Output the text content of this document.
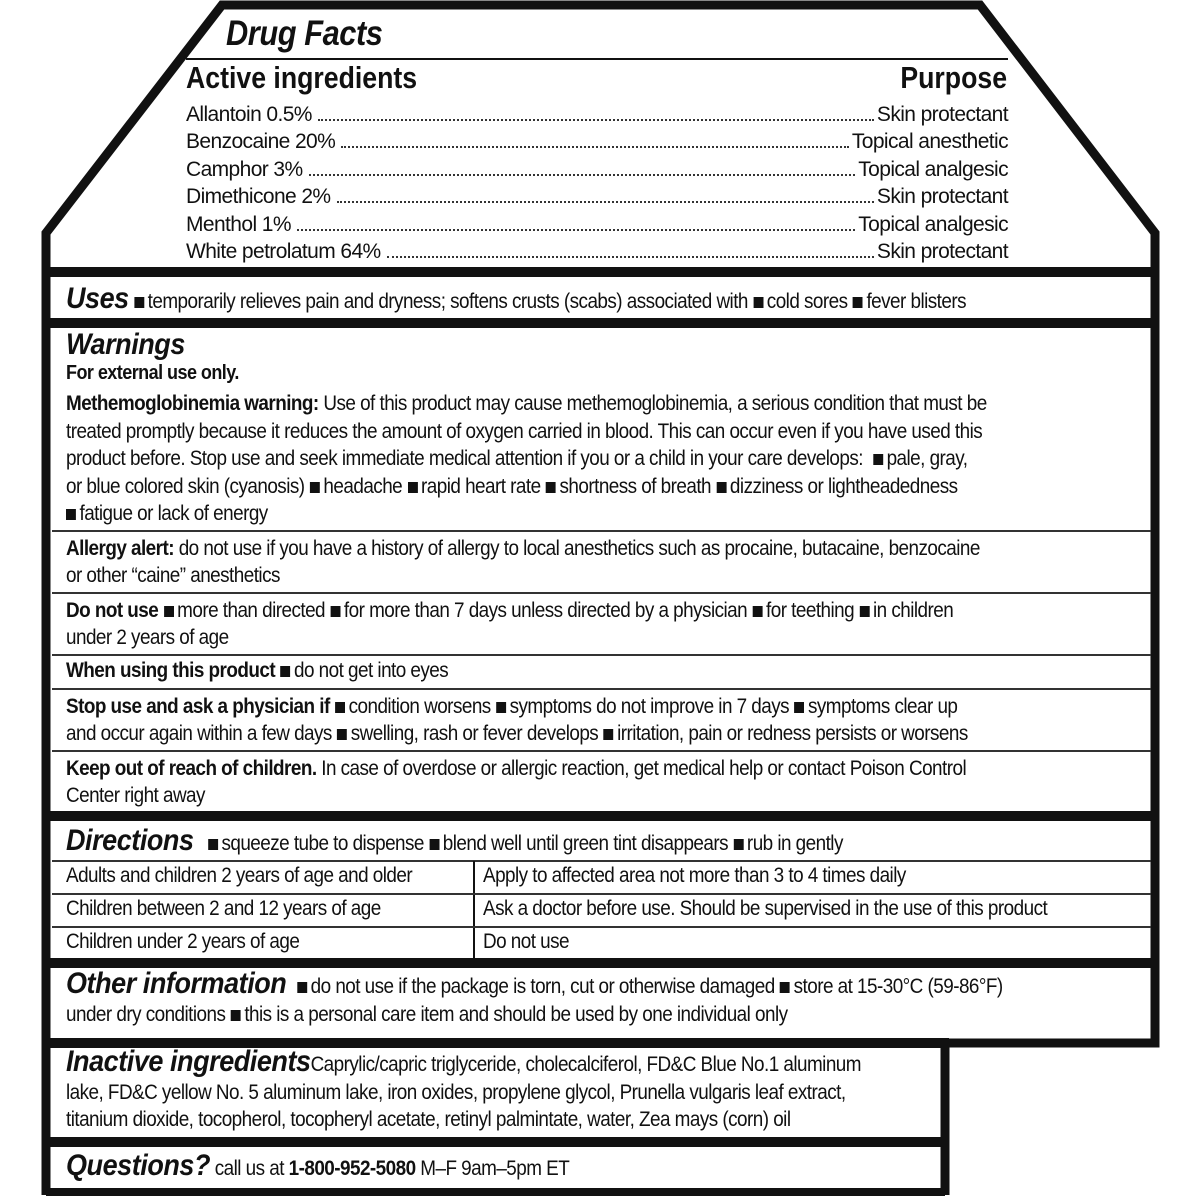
Drug Facts
Active ingredients	Purpose
Allantoin 0.5%	Skin protectant
Benzocaine 20%	Topical anesthetic
Camphor 3%	Topical analgesic
Dimethicone 2%	Skin protectant
Menthol 1%	Topical analgesic
White petrolatum 64%	Skin protectant
Uses temporarily relieves pain and dryness; softens crusts (scabs) associated with cold sores fever blisters
Warnings
For external use only.
Methemoglobinemia warning: Use of this product may cause methemoglobinemia, a serious condition that must be
treated promptly because it reduces the amount of oxygen carried in blood. This can occur even if you have used this
product before. Stop use and seek immediate medical attention if you or a child in your care develops: pale, gray,
or blue colored skin (cyanosis) headache rapid heart rate shortness of breath dizziness or lightheadedness
fatigue or lack of energy
Allergy alert: do not use if you have a history of allergy to local anesthetics such as procaine, butacaine, benzocaine
or other “caine” anesthetics
Do not use more than directed for more than 7 days unless directed by a physician for teething in children
under 2 years of age
When using this product do not get into eyes
Stop use and ask a physician if condition worsens symptoms do not improve in 7 days symptoms clear up
and occur again within a few days swelling, rash or fever develops irritation, pain or redness persists or worsens
Keep out of reach of children. In case of overdose or allergic reaction, get medical help or contact Poison Control
Center right away
Directions squeeze tube to dispense blend well until green tint disappears rub in gently
Adults and children 2 years of age and older	Apply to affected area not more than 3 to 4 times daily
Children between 2 and 12 years of age	Ask a doctor before use. Should be supervised in the use of this product
Children under 2 years of age	Do not use
Other information do not use if the package is torn, cut or otherwise damaged store at 15-30°C (59-86°F)
under dry conditions this is a personal care item and should be used by one individual only
Inactive ingredientsCaprylic/capric triglyceride, cholecalciferol, FD&C Blue No.1 aluminum
lake, FD&C yellow No. 5 aluminum lake, iron oxides, propylene glycol, Prunella vulgaris leaf extract,
titanium dioxide, tocopherol, tocopheryl acetate, retinyl palmintate, water, Zea mays (corn) oil
Questions? call us at 1-800-952-5080 M–F 9am–5pm ET
